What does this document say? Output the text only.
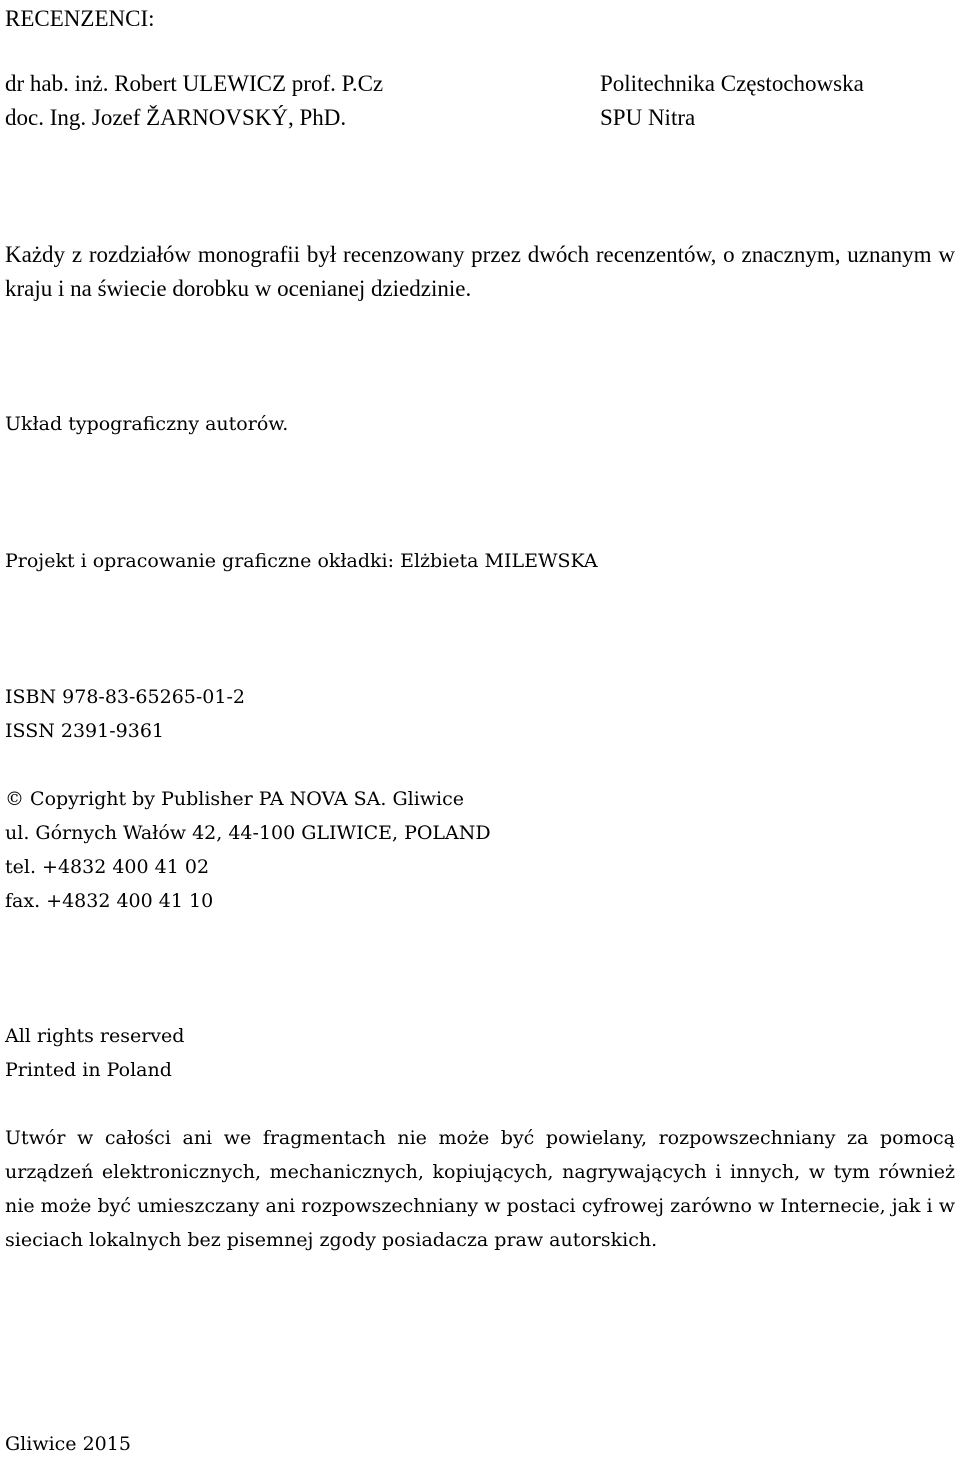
RECENZENCI:

dr hab. inż. Robert ULEWICZ prof. P.Cz	Politechnika Częstochowska

doc. Ing. Jozef ŽARNOVSKÝ, PhD.	SPU Nitra

Każdy z rozdziałów monografii był recenzowany przez dwóch recenzentów, o znacznym, uznanym w kraju i na świecie dorobku w ocenianej dziedzinie.

Układ typograficzny autorów.

Projekt i opracowanie graficzne okładki: Elżbieta MILEWSKA

ISBN 978-83-65265-01-2

ISSN 2391-9361

© Copyright by Publisher PA NOVA SA. Gliwice

ul. Górnych Wałów 42, 44-100 GLIWICE, POLAND

tel. +4832 400 41 02

fax. +4832 400 41 10

All rights reserved

Printed in Poland

Utwór w całości ani we fragmentach nie może być powielany, rozpowszechniany za pomocą urządzeń elektronicznych, mechanicznych, kopiujących, nagrywających i innych, w tym również nie może być umieszczany ani rozpowszechniany w postaci cyfrowej zarówno w Internecie, jak i w sieciach lokalnych bez pisemnej zgody posiadacza praw autorskich.

Gliwice 2015
